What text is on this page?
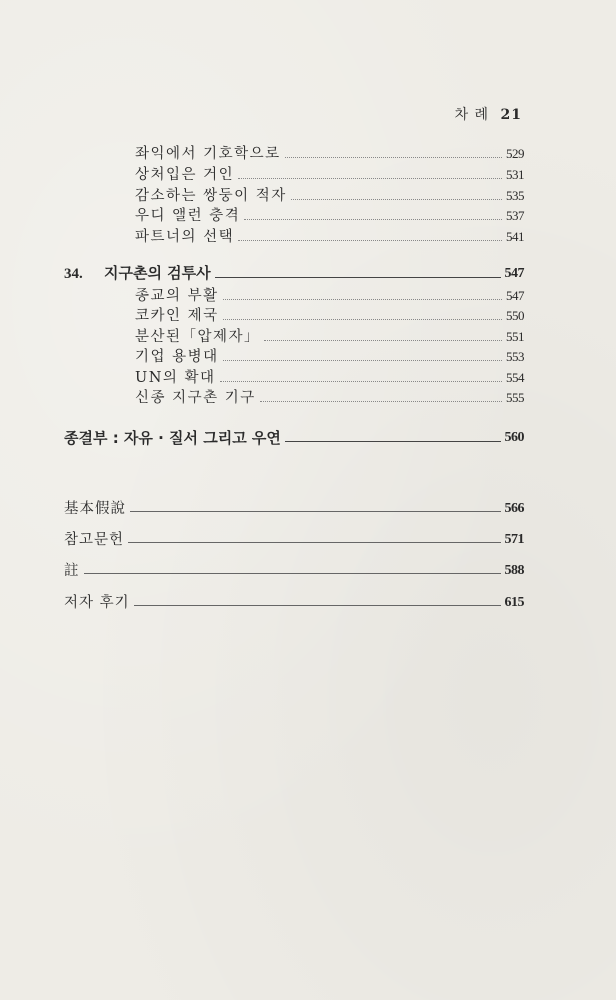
차 례 21
좌익에서 기호학으로	529
상처입은 거인	531
감소하는 쌍둥이 적자	535
우디 앨런 충격	537
파트너의 선택	541
34. 지구촌의 검투사	547
종교의 부활	547
코카인 제국	550
분산된「압제자」	551
기업 용병대	553
UN의 확대	554
신종 지구촌 기구	555
종결부 : 자유 · 질서 그리고 우연	560
基本假說	566
참고문헌	571
註	588
저자 후기	615
